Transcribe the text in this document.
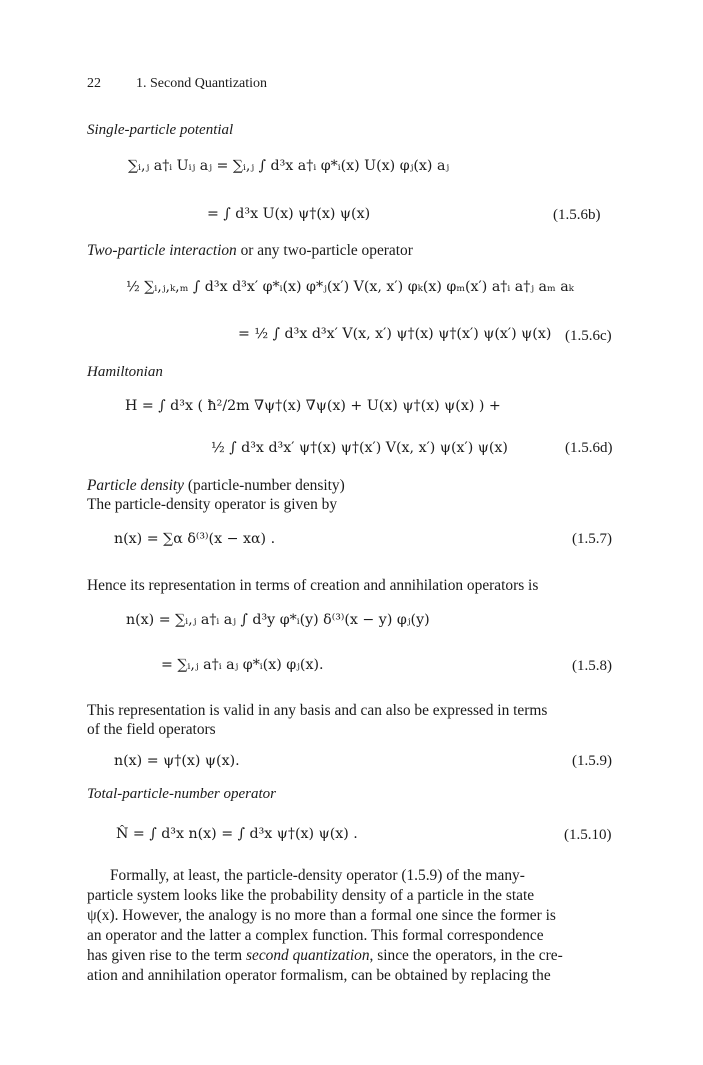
22	1. Second Quantization
Single-particle potential
∑ᵢ,ⱼ a†ᵢ Uᵢⱼ aⱼ = ∑ᵢ,ⱼ ∫ d³x a†ᵢ φ*ᵢ(x) U(x) φⱼ(x) aⱼ
= ∫ d³x U(x) ψ†(x) ψ(x)	(1.5.6b)
Two-particle interaction or any two-particle operator
½ ∑ᵢ,ⱼ,ₖ,ₘ ∫ d³x d³x′ φ*ᵢ(x) φ*ⱼ(x′) V(x, x′) φₖ(x) φₘ(x′) a†ᵢ a†ⱼ aₘ aₖ
= ½ ∫ d³x d³x′ V(x, x′) ψ†(x) ψ†(x′) ψ(x′) ψ(x) (1.5.6c)
Hamiltonian
H = ∫ d³x ( ħ²/2m ∇ψ†(x) ∇ψ(x) + U(x) ψ†(x) ψ(x) ) +
½ ∫ d³x d³x′ ψ†(x) ψ†(x′) V(x, x′) ψ(x′) ψ(x)	(1.5.6d)
Particle density (particle-number density)
The particle-density operator is given by
n(x) = ∑α δ⁽³⁾(x − xα) .	(1.5.7)
Hence its representation in terms of creation and annihilation operators is
n(x) = ∑ᵢ,ⱼ a†ᵢ aⱼ ∫ d³y φ*ᵢ(y) δ⁽³⁾(x − y) φⱼ(y)
= ∑ᵢ,ⱼ a†ᵢ aⱼ φ*ᵢ(x) φⱼ(x).	(1.5.8)
This representation is valid in any basis and can also be expressed in terms
of the field operators
n(x) = ψ†(x) ψ(x).	(1.5.9)
Total-particle-number operator
N̂ = ∫ d³x n(x) = ∫ d³x ψ†(x) ψ(x) .	(1.5.10)
Formally, at least, the particle-density operator (1.5.9) of the many-
particle system looks like the probability density of a particle in the state
ψ(x). However, the analogy is no more than a formal one since the former is
an operator and the latter a complex function. This formal correspondence
has given rise to the term second quantization, since the operators, in the cre-
ation and annihilation operator formalism, can be obtained by replacing the
